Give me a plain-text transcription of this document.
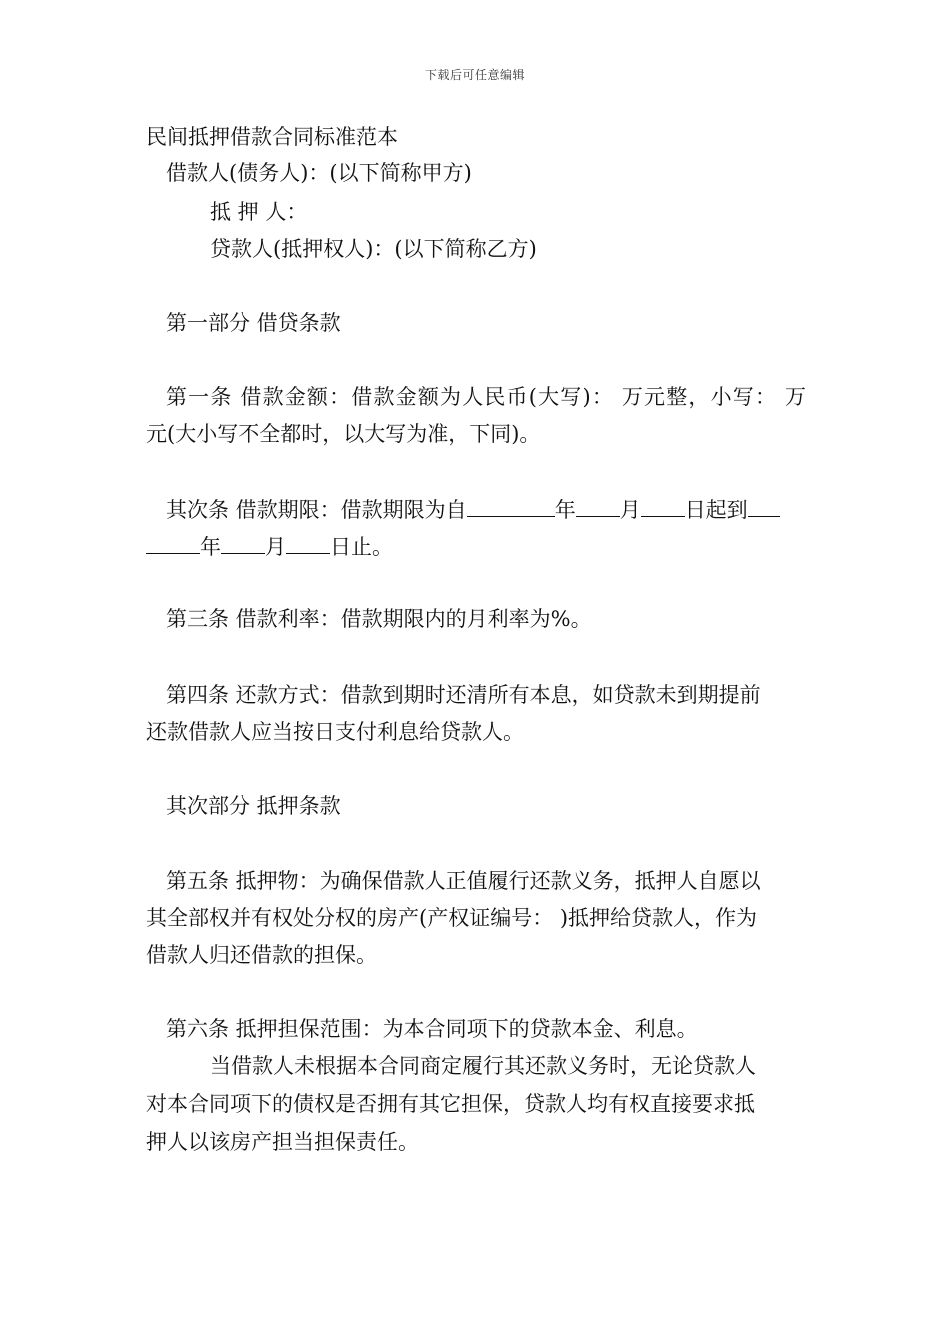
下载后可任意编辑
民间抵押借款合同标准范本
借款人(债务人)：(以下简称甲方)
抵 押 人：
贷款人(抵押权人)：(以下简称乙方)
第一部分 借贷条款
第一条 借款金额：借款金额为人民币(大写)： 万元整，小写： 万
元(大小写不全都时，以大写为准，下同)。
其次条 借款期限：借款期限为自	年 月 日起到
年 月 日止。
第三条 借款利率：借款期限内的月利率为%。
第四条 还款方式：借款到期时还清所有本息，如贷款未到期提前
还款借款人应当按日支付利息给贷款人。
其次部分 抵押条款
第五条 抵押物：为确保借款人正值履行还款义务，抵押人自愿以
其全部权并有权处分权的房产(产权证编号： )抵押给贷款人，作为
借款人归还借款的担保。
第六条 抵押担保范围：为本合同项下的贷款本金、利息。
当借款人未根据本合同商定履行其还款义务时，无论贷款人
对本合同项下的债权是否拥有其它担保，贷款人均有权直接要求抵
押人以该房产担当担保责任。
